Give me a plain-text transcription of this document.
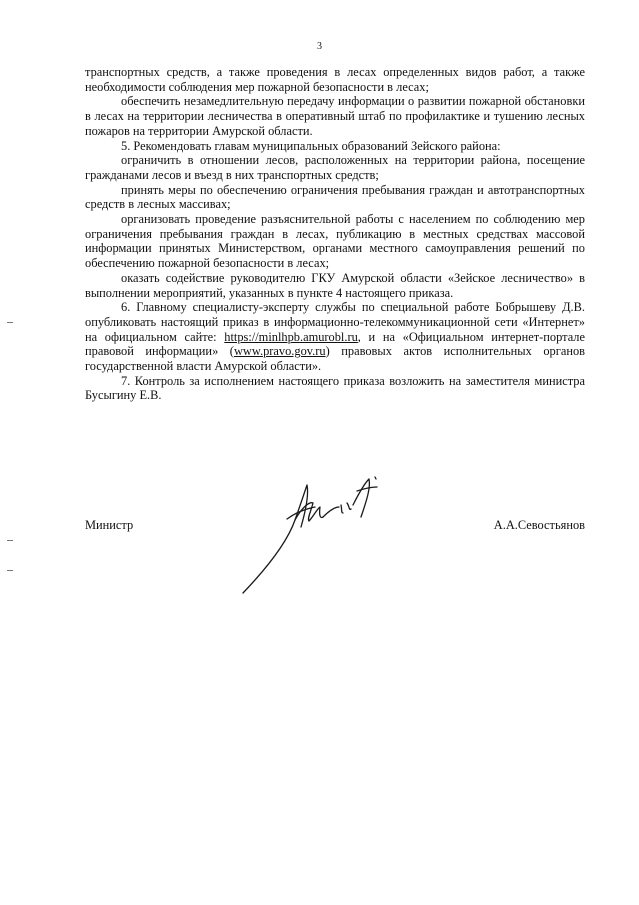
3

транспортных средств, а также проведения в лесах определенных видов работ, а также необходимости соблюдения мер пожарной безопасности в лесах;

обеспечить незамедлительную передачу информации о развитии пожарной обстановки в лесах на территории лесничества в оперативный штаб по профилактике и тушению лесных пожаров на территории Амурской области.

5. Рекомендовать главам муниципальных образований Зейского района:

ограничить в отношении лесов, расположенных на территории района, посещение гражданами лесов и въезд в них транспортных средств;

принять меры по обеспечению ограничения пребывания граждан и автотранспортных средств в лесных массивах;

организовать проведение разъяснительной работы с населением по соблюдению мер ограничения пребывания граждан в лесах, публикацию в местных средствах массовой информации принятых Министерством, органами местного самоуправления решений по обеспечению пожарной безопасности в лесах;

оказать содействие руководителю ГКУ Амурской области «Зейское лесничество» в выполнении мероприятий, указанных в пункте 4 настоящего приказа.

6. Главному специалисту-эксперту службы по специальной работе Бобрышеву Д.В. опубликовать настоящий приказ в информационно-телекоммуникационной сети «Интернет» на официальном сайте: https://minlhpb.amurobl.ru, и на «Официальном интернет-портале правовой информации» (www.pravo.gov.ru) правовых актов исполнительных органов государственной власти Амурской области».

7. Контроль за исполнением настоящего приказа возложить на заместителя министра Бусыгину Е.В.

Министр	А.А.Севостьянов
